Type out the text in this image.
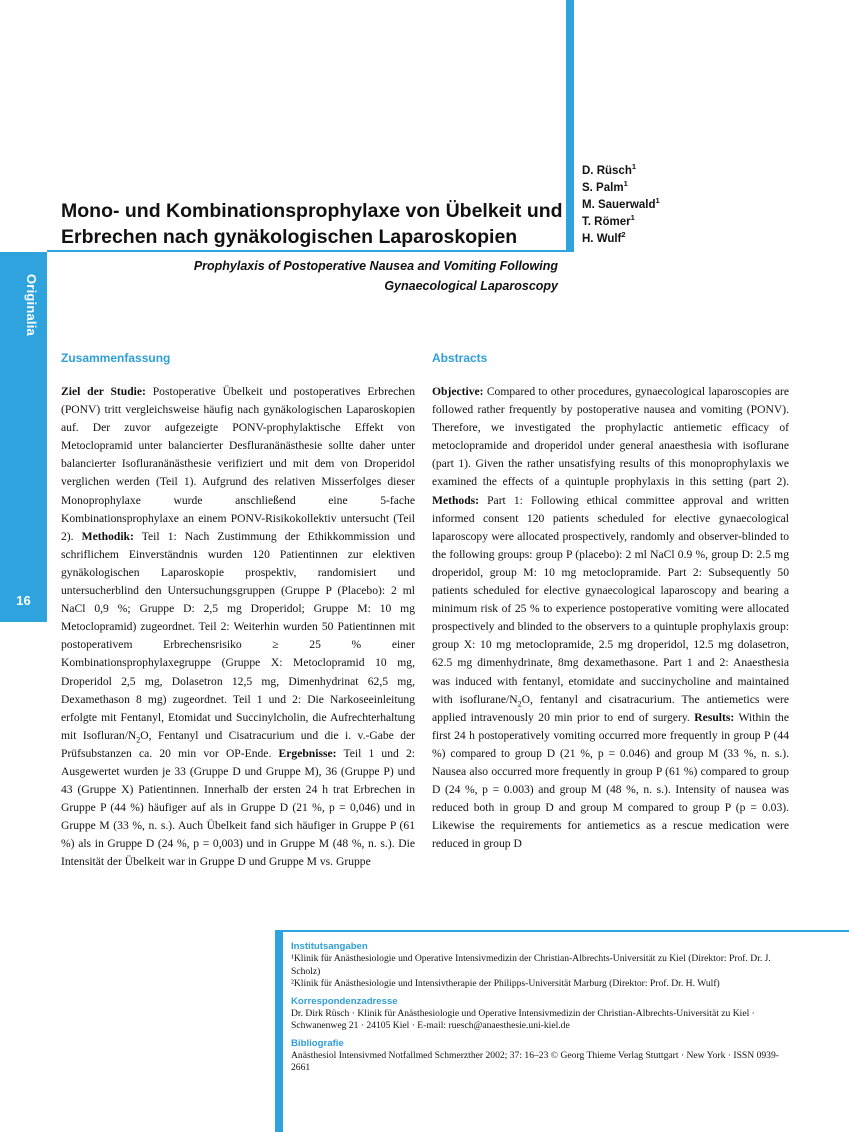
Originalia
16
Mono- und Kombinationsprophylaxe von Übelkeit und
Erbrechen nach gynäkologischen Laparoskopien
D. Rüsch$^1$
S. Palm$^1$
M. Sauerwald$^1$
T. Römer$^1$
H. Wulf$^2$
Prophylaxis of Postoperative Nausea and Vomiting Following
Gynaecological Laparoscopy
Zusammenfassung	Abstracts

Ziel der Studie: Postoperative Übelkeit und postoperatives Erbrechen (PONV) tritt vergleichsweise häufig nach gynäkologischen Laparoskopien auf. Der zuvor aufgezeigte PONV-prophylaktische Effekt von Metoclopramid unter balancierter Desfluranänästhesie sollte daher unter balancierter Isofluranänästhesie verifiziert und mit dem von Droperidol verglichen werden (Teil 1). Aufgrund des relativen Misserfolges dieser Monoprophylaxe wurde anschließend eine 5-fache Kombinationsprophylaxe an einem PONV-Risikokollektiv untersucht (Teil 2). Methodik: Teil 1: Nach Zustimmung der Ethikkommission und schriflichem Einverständnis wurden 120 Patientinnen zur elektiven gynäkologischen Laparoskopie prospektiv, randomisiert und untersucherblind den Untersuchungsgruppen (Gruppe P (Placebo): 2 ml NaCl 0,9 %; Gruppe D: 2,5 mg Droperidol; Gruppe M: 10 mg Metoclopramid) zugeordnet. Teil 2: Weiterhin wurden 50 Patientinnen mit postoperativem Erbrechensrisiko ≥ 25 % einer Kombinationsprophylaxegruppe (Gruppe X: Metoclopramid 10 mg, Droperidol 2,5 mg, Dolasetron 12,5 mg, Dimenhydrinat 62,5 mg, Dexamethason 8 mg) zugeordnet. Teil 1 und 2: Die Narkoseeinleitung erfolgte mit Fentanyl, Etomidat und Succinylcholin, die Aufrechterhaltung mit Isofluran/$N_2O$, Fentanyl und Cisatracurium und die i. v.-Gabe der Prüfsubstanzen ca. 20 min vor OP-Ende. Ergebnisse: Teil 1 und 2: Ausgewertet wurden je 33 (Gruppe D und Gruppe M), 36 (Gruppe P) und 43 (Gruppe X) Patientinnen. Innerhalb der ersten 24 h trat Erbrechen in Gruppe P (44 %) häufiger auf als in Gruppe D (21 %, p = 0,046) und in Gruppe M (33 %, n. s.). Auch Übelkeit fand sich häufiger in Gruppe P (61 %) als in Gruppe D (24 %, p = 0,003) und in Gruppe M (48 %, n. s.). Die Intensität der Übelkeit war in Gruppe D und Gruppe M vs. Gruppe

Objective: Compared to other procedures, gynaecological laparoscopies are followed rather frequently by postoperative nausea and vomiting (PONV). Therefore, we investigated the prophylactic antiemetic efficacy of metoclopramide and droperidol under general anaesthesia with isoflurane (part 1). Given the rather unsatisfying results of this monoprophylaxis we examined the effects of a quintuple prophylaxis in this setting (part 2). Methods: Part 1: Following ethical committee approval and written informed consent 120 patients scheduled for elective gynaecological laparoscopy were allocated prospectively, randomly and observer-blinded to the following groups: group P (placebo): 2 ml NaCl 0.9 %, group D: 2.5 mg droperidol, group M: 10 mg metoclopramide. Part 2: Subsequently 50 patients scheduled for elective gynaecological laparoscopy and bearing a minimum risk of 25 % to experience postoperative vomiting were allocated prospectively and blinded to the observers to a quintuple prophylaxis group: group X: 10 mg metoclopramide, 2.5 mg droperidol, 12.5 mg dolasetron, 62.5 mg dimenhydrinate, 8mg dexamethasone. Part 1 and 2: Anaesthesia was induced with fentanyl, etomidate and succinycholine and maintained with isoflurane/$N_2O$, fentanyl and cisatracurium. The antiemetics were applied intravenously 20 min prior to end of surgery. Results: Within the first 24 h postoperatively vomiting occurred more frequently in group P (44 %) compared to group D (21 %, p = 0.046) and group M (33 %, n. s.). Nausea also occurred more frequently in group P (61 %) compared to group D (24 %, p = 0.003) and group M (48 %, n. s.). Intensity of nausea was reduced both in group D and group M compared to group P (p = 0.03). Likewise the requirements for antiemetics as a rescue medication were reduced in group D

Institutsangaben

¹Klinik für Anästhesiologie und Operative Intensivmedizin der Christian-Albrechts-Universität zu Kiel (Direktor: Prof. Dr. J. Scholz)

²Klinik für Anästhesiologie und Intensivtherapie der Philipps-Universität Marburg (Direktor: Prof. Dr. H. Wulf)

Korrespondenzadresse

Dr. Dirk Rüsch · Klinik für Anästhesiologie und Operative Intensivmedizin der Christian-Albrechts-Universität zu Kiel · Schwanenweg 21 · 24105 Kiel · E-mail: ruesch@anaesthesie.uni-kiel.de

Bibliografie

Anästhesiol Intensivmed Notfallmed Schmerzther 2002; 37: 16–23 © Georg Thieme Verlag Stuttgart · New York · ISSN 0939-2661
